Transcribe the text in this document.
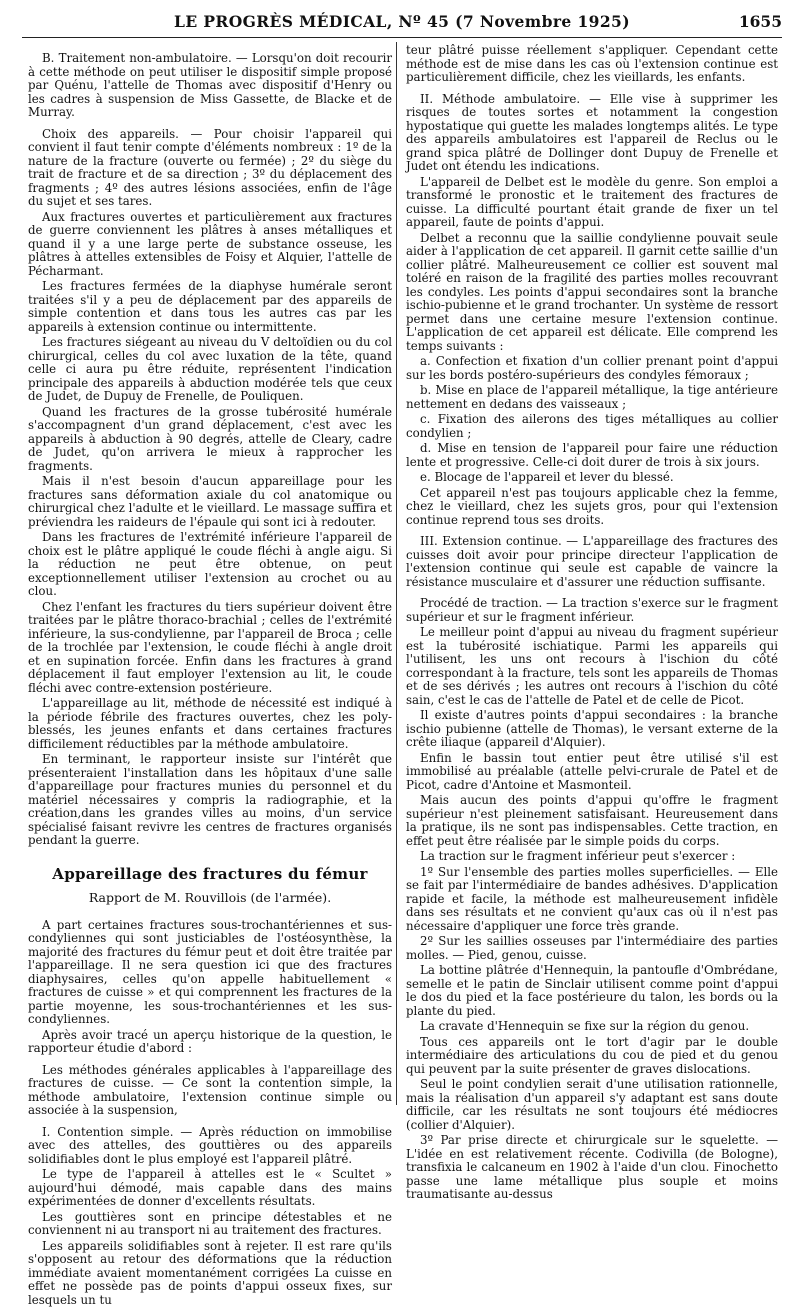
LE PROGRÈS MÉDICAL, Nº 45 (7 Novembre 1925)	1655

B. Traitement non-ambulatoire. — Lorsqu'on doit recourir à cette méthode on peut utiliser le dispositif simple proposé par Quénu, l'attelle de Thomas avec dispositif d'Henry ou les cadres à suspension de Miss Gassette, de Blacke et de Murray.

Choix des appareils. — Pour choisir l'appareil qui convient il faut tenir compte d'éléments nombreux : 1º de la nature de la fracture (ouverte ou fermée) ; 2º du siège du trait de fracture et de sa direction ; 3º du déplacement des fragments ; 4º des autres lésions associées, enfin de l'âge du sujet et ses tares.

Aux fractures ouvertes et particulièrement aux fractures de guerre conviennent les plâtres à anses métalliques et quand il y a une large perte de substance osseuse, les plâtres à attelles extensibles de Foisy et Alquier, l'attelle de Pécharmant.

Les fractures fermées de la diaphyse humérale seront traitées s'il y a peu de déplacement par des appareils de simple contention et dans tous les autres cas par les appareils à extension continue ou intermittente.

Les fractures siégeant au niveau du V deltoïdien ou du col chirurgical, celles du col avec luxation de la tête, quand celle ci aura pu être réduite, représentent l'indication principale des appareils à abduction modérée tels que ceux de Judet, de Dupuy de Frenelle, de Pouliquen.

Quand les fractures de la grosse tubérosité humérale s'accompagnent d'un grand déplacement, c'est avec les appareils à abduction à 90 degrés, attelle de Cleary, cadre de Judet, qu'on arrivera le mieux à rapprocher les fragments.

Mais il n'est besoin d'aucun appareillage pour les fractures sans déformation axiale du col anatomique ou chirurgical chez l'adulte et le vieillard. Le massage suffira et préviendra les raideurs de l'épaule qui sont ici à redouter.

Dans les fractures de l'extrémité inférieure l'appareil de choix est le plâtre appliqué le coude fléchi à angle aigu. Si la réduction ne peut être obtenue, on peut exceptionnellement utiliser l'extension au crochet ou au clou.

Chez l'enfant les fractures du tiers supérieur doivent être traitées par le plâtre thoraco-brachial ; celles de l'extrémité inférieure, la sus-condylienne, par l'appareil de Broca ; celle de la trochlée par l'extension, le coude fléchi à angle droit et en supination forcée. Enfin dans les fractures à grand déplacement il faut employer l'extension au lit, le coude fléchi avec contre-extension postérieure.

L'appareillage au lit, méthode de nécessité est indiqué à la période fébrile des fractures ouvertes, chez les poly-blessés, les jeunes enfants et dans certaines fractures difficilement réductibles par la méthode ambulatoire.

En terminant, le rapporteur insiste sur l'intérêt que présenteraient l'installation dans les hôpitaux d'une salle d'appareillage pour fractures munies du personnel et du matériel nécessaires y compris la radiographie, et la création,dans les grandes villes au moins, d'un service spécialisé faisant revivre les centres de fractures organisés pendant la guerre.

Appareillage des fractures du fémur
Rapport de M. Rouvillois (de l'armée).

A part certaines fractures sous-trochantériennes et sus-condyliennes qui sont justiciables de l'ostéosynthèse, la majorité des fractures du fémur peut et doit être traitée par l'appareillage. Il ne sera question ici que des fractures diaphysaires, celles qu'on appelle habituellement « fractures de cuisse » et qui comprennent les fractures de la partie moyenne, les sous-trochantériennes et les sus-condyliennes.

Après avoir tracé un aperçu historique de la question, le rapporteur étudie d'abord :

Les méthodes générales applicables à l'appareillage des fractures de cuisse. — Ce sont la contention simple, la méthode ambulatoire, l'extension continue simple ou associée à la suspension,

I. Contention simple. — Après réduction on immobilise avec des attelles, des gouttières ou des appareils solidifiables dont le plus employé est l'appareil plâtré.

Le type de l'appareil à attelles est le « Scultet » aujourd'hui démodé, mais capable dans des mains expérimentées de donner d'excellents résultats.

Les gouttières sont en principe détestables et ne conviennent ni au transport ni au traitement des fractures.

Les appareils solidifiables sont à rejeter. Il est rare qu'ils s'opposent au retour des déformations que la réduction immédiate avaient momentanément corrigées La cuisse en effet ne possède pas de points d'appui osseux fixes, sur lesquels un tu

teur plâtré puisse réellement s'appliquer. Cependant cette méthode est de mise dans les cas où l'extension continue est particulièrement difficile, chez les vieillards, les enfants.

II. Méthode ambulatoire. — Elle vise à supprimer les risques de toutes sortes et notamment la congestion hypostatique qui guette les malades longtemps alités. Le type des appareils ambulatoires est l'appareil de Reclus ou le grand spica plâtré de Dollinger dont Dupuy de Frenelle et Judet ont étendu les indications.

L'appareil de Delbet est le modèle du genre. Son emploi a transformé le pronostic et le traitement des fractures de cuisse. La difficulté pourtant était grande de fixer un tel appareil, faute de points d'appui.

Delbet a reconnu que la saillie condylienne pouvait seule aider à l'application de cet appareil. Il garnit cette saillie d'un collier plâtré. Malheureusement ce collier est souvent mal toléré en raison de la fragilité des parties molles recouvrant les condyles. Les points d'appui secondaires sont la branche ischio-pubienne et le grand trochanter. Un système de ressort permet dans une certaine mesure l'extension continue. L'application de cet appareil est délicate. Elle comprend les temps suivants :

a. Confection et fixation d'un collier prenant point d'appui sur les bords postéro-supérieurs des condyles fémoraux ;

b. Mise en place de l'appareil métallique, la tige antérieure nettement en dedans des vaisseaux ;

c. Fixation des ailerons des tiges métalliques au collier condylien ;

d. Mise en tension de l'appareil pour faire une réduction lente et progressive. Celle-ci doit durer de trois à six jours.

e. Blocage de l'appareil et lever du blessé.

Cet appareil n'est pas toujours applicable chez la femme, chez le vieillard, chez les sujets gros, pour qui l'extension continue reprend tous ses droits.

III. Extension continue. — L'appareillage des fractures des cuisses doit avoir pour principe directeur l'application de l'extension continue qui seule est capable de vaincre la résistance musculaire et d'assurer une réduction suffisante.

Procédé de traction. — La traction s'exerce sur le fragment supérieur et sur le fragment inférieur.

Le meilleur point d'appui au niveau du fragment supérieur est la tubérosité ischiatique. Parmi les appareils qui l'utilisent, les uns ont recours à l'ischion du côté correspondant à la fracture, tels sont les appareils de Thomas et de ses dérivés ; les autres ont recours à l'ischion du côté sain, c'est le cas de l'attelle de Patel et de celle de Picot.

Il existe d'autres points d'appui secondaires : la branche ischio pubienne (attelle de Thomas), le versant externe de la crête iliaque (appareil d'Alquier).

Enfin le bassin tout entier peut être utilisé s'il est immobilisé au préalable (attelle pelvi-crurale de Patel et de Picot, cadre d'Antoine et Masmonteil.

Mais aucun des points d'appui qu'offre le fragment supérieur n'est pleinement satisfaisant. Heureusement dans la pratique, ils ne sont pas indispensables. Cette traction, en effet peut être réalisée par le simple poids du corps.

La traction sur le fragment inférieur peut s'exercer :

1º Sur l'ensemble des parties molles superficielles. — Elle se fait par l'intermédiaire de bandes adhésives. D'application rapide et facile, la méthode est malheureusement infidèle dans ses résultats et ne convient qu'aux cas où il n'est pas nécessaire d'appliquer une force très grande.

2º Sur les saillies osseuses par l'intermédiaire des parties molles. — Pied, genou, cuisse.

La bottine plâtrée d'Hennequin, la pantoufle d'Ombrédane, semelle et le patin de Sinclair utilisent comme point d'appui le dos du pied et la face postérieure du talon, les bords ou la plante du pied.

La cravate d'Hennequin se fixe sur la région du genou.

Tous ces appareils ont le tort d'agir par le double intermédiaire des articulations du cou de pied et du genou qui peuvent par la suite présenter de graves dislocations.

Seul le point condylien serait d'une utilisation rationnelle, mais la réalisation d'un appareil s'y adaptant est sans doute difficile, car les résultats ne sont toujours été médiocres (collier d'Alquier).

3º Par prise directe et chirurgicale sur le squelette. — L'idée en est relativement récente. Codivilla (de Bologne), transfixia le calcaneum en 1902 à l'aide d'un clou. Finochetto passe une lame métallique plus souple et moins traumatisante au-dessus
